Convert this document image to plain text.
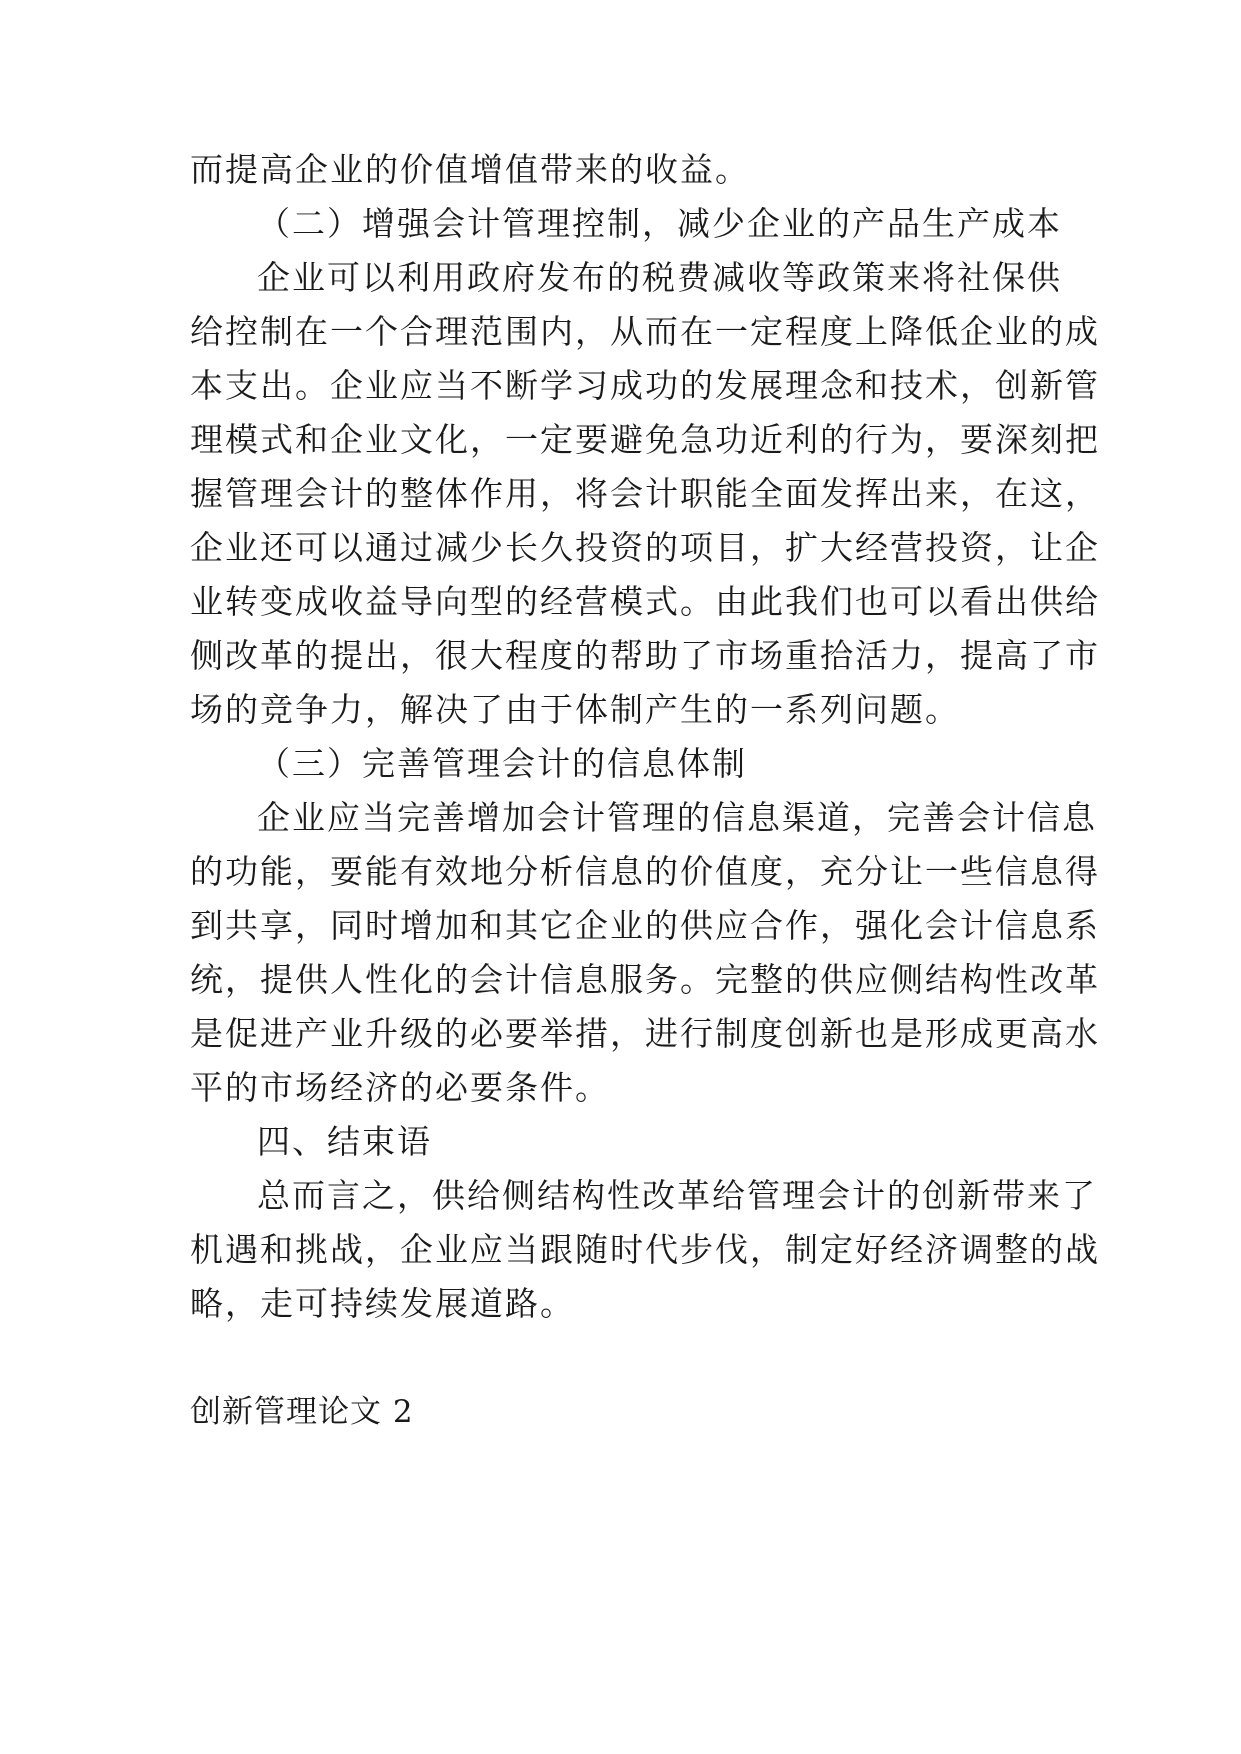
而提高企业的价值增值带来的收益。
（二）增强会计管理控制，减少企业的产品生产成本
企业可以利用政府发布的税费减收等政策来将社保供
给控制在一个合理范围内，从而在一定程度上降低企业的成
本支出。企业应当不断学习成功的发展理念和技术，创新管
理模式和企业文化，一定要避免急功近利的行为，要深刻把
握管理会计的整体作用，将会计职能全面发挥出来，在这，
企业还可以通过减少长久投资的项目，扩大经营投资，让企
业转变成收益导向型的经营模式。由此我们也可以看出供给
侧改革的提出，很大程度的帮助了市场重拾活力，提高了市
场的竞争力，解决了由于体制产生的一系列问题。
（三）完善管理会计的信息体制
企业应当完善增加会计管理的信息渠道，完善会计信息
的功能，要能有效地分析信息的价值度，充分让一些信息得
到共享，同时增加和其它企业的供应合作，强化会计信息系
统，提供人性化的会计信息服务。完整的供应侧结构性改革
是促进产业升级的必要举措，进行制度创新也是形成更高水
平的市场经济的必要条件。
四、结束语
总而言之，供给侧结构性改革给管理会计的创新带来了
机遇和挑战，企业应当跟随时代步伐，制定好经济调整的战
略，走可持续发展道路。
创新管理论文 2
